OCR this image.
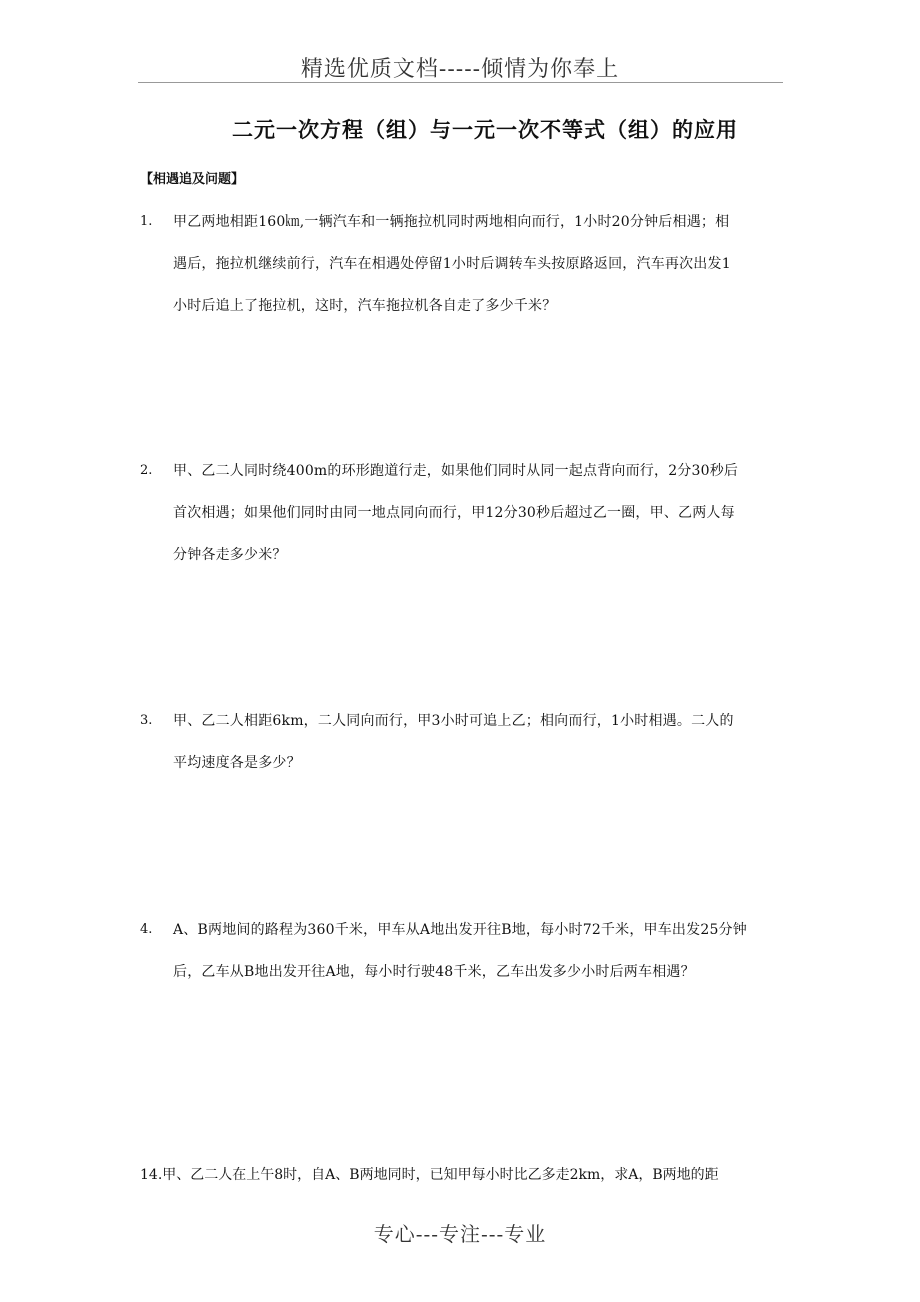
精选优质文档-----倾情为你奉上
二元一次方程（组）与一元一次不等式（组）的应用
【相遇追及问题】
1. 甲乙两地相距160㎞,一辆汽车和一辆拖拉机同时两地相向而行，1小时20分钟后相遇；相
遇后，拖拉机继续前行，汽车在相遇处停留1小时后调转车头按原路返回，汽车再次出发1
小时后追上了拖拉机，这时，汽车拖拉机各自走了多少千米？
2. 甲、乙二人同时绕400m的环形跑道行走，如果他们同时从同一起点背向而行，2分30秒后
首次相遇；如果他们同时由同一地点同向而行，甲12分30秒后超过乙一圈，甲、乙两人每
分钟各走多少米？
3. 甲、乙二人相距6km，二人同向而行，甲3小时可追上乙；相向而行，1小时相遇。二人的
平均速度各是多少？
4. A、B两地间的路程为360千米，甲车从A地出发开往B地，每小时72千米，甲车出发25分钟
后，乙车从B地出发开往A地，每小时行驶48千米，乙车出发多少小时后两车相遇？
14.甲、乙二人在上午8时，自A、B两地同时，已知甲每小时比乙多走2km，求A，B两地的距
专心---专注---专业
